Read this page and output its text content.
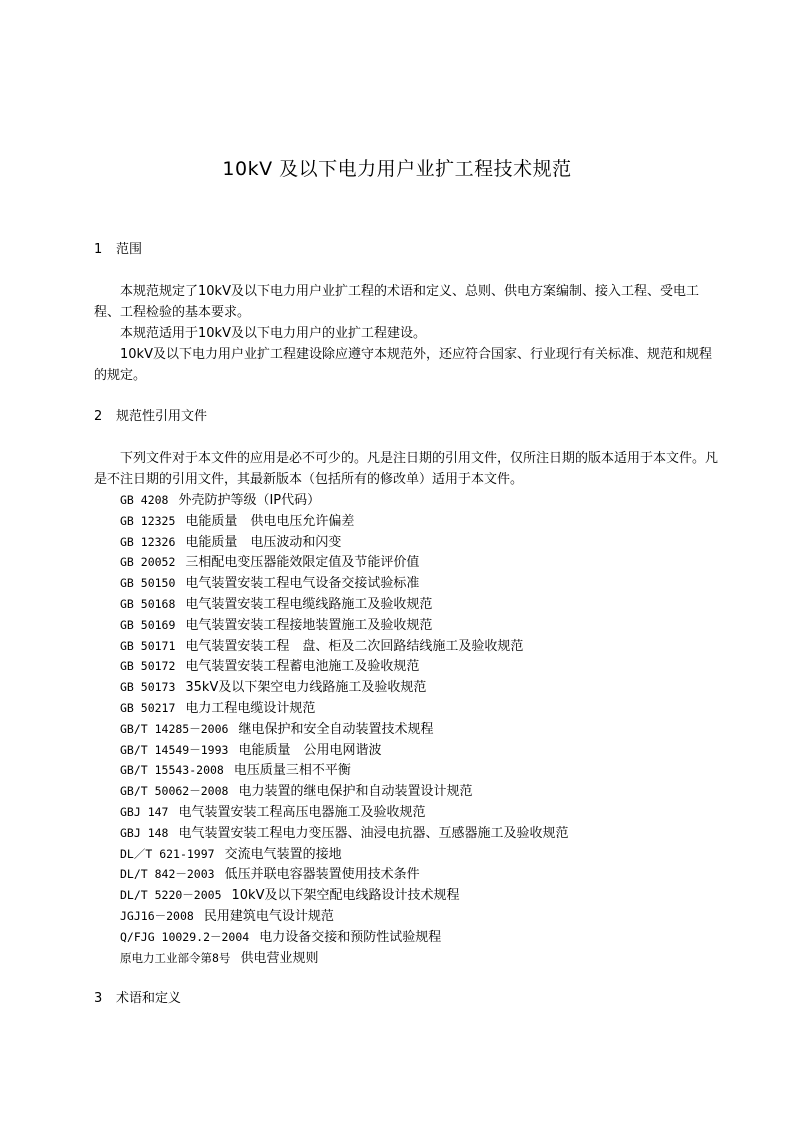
10kV 及以下电力用户业扩工程技术规范
1 范围

本规范规定了10kV及以下电力用户业扩工程的术语和定义、总则、供电方案编制、接入工程、受电工程、工程检验的基本要求。

本规范适用于10kV及以下电力用户的业扩工程建设。

10kV及以下电力用户业扩工程建设除应遵守本规范外，还应符合国家、行业现行有关标准、规范和规程的规定。

2 规范性引用文件

下列文件对于本文件的应用是必不可少的。凡是注日期的引用文件，仅所注日期的版本适用于本文件。凡是不注日期的引用文件，其最新版本（包括所有的修改单）适用于本文件。

GB 4208 外壳防护等级（IP代码）
GB 12325 电能质量　供电电压允许偏差
GB 12326 电能质量　电压波动和闪变
GB 20052 三相配电变压器能效限定值及节能评价值
GB 50150 电气装置安装工程电气设备交接试验标准
GB 50168 电气装置安装工程电缆线路施工及验收规范
GB 50169 电气装置安装工程接地装置施工及验收规范
GB 50171 电气装置安装工程　盘、柜及二次回路结线施工及验收规范
GB 50172 电气装置安装工程蓄电池施工及验收规范
GB 50173 35kV及以下架空电力线路施工及验收规范
GB 50217 电力工程电缆设计规范
GB/T 14285－2006 继电保护和安全自动装置技术规程
GB/T 14549－1993 电能质量　公用电网谐波
GB/T 15543-2008 电压质量三相不平衡
GB/T 50062－2008 电力装置的继电保护和自动装置设计规范
GBJ 147 电气装置安装工程高压电器施工及验收规范
GBJ 148 电气装置安装工程电力变压器、油浸电抗器、互感器施工及验收规范
DL／T 621-1997 交流电气装置的接地
DL/T 842－2003 低压并联电容器装置使用技术条件
DL/T 5220－2005 10kV及以下架空配电线路设计技术规程
JGJ16－2008 民用建筑电气设计规范
Q/FJG 10029.2－2004 电力设备交接和预防性试验规程
原电力工业部令第8号 供电营业规则
3 术语和定义
